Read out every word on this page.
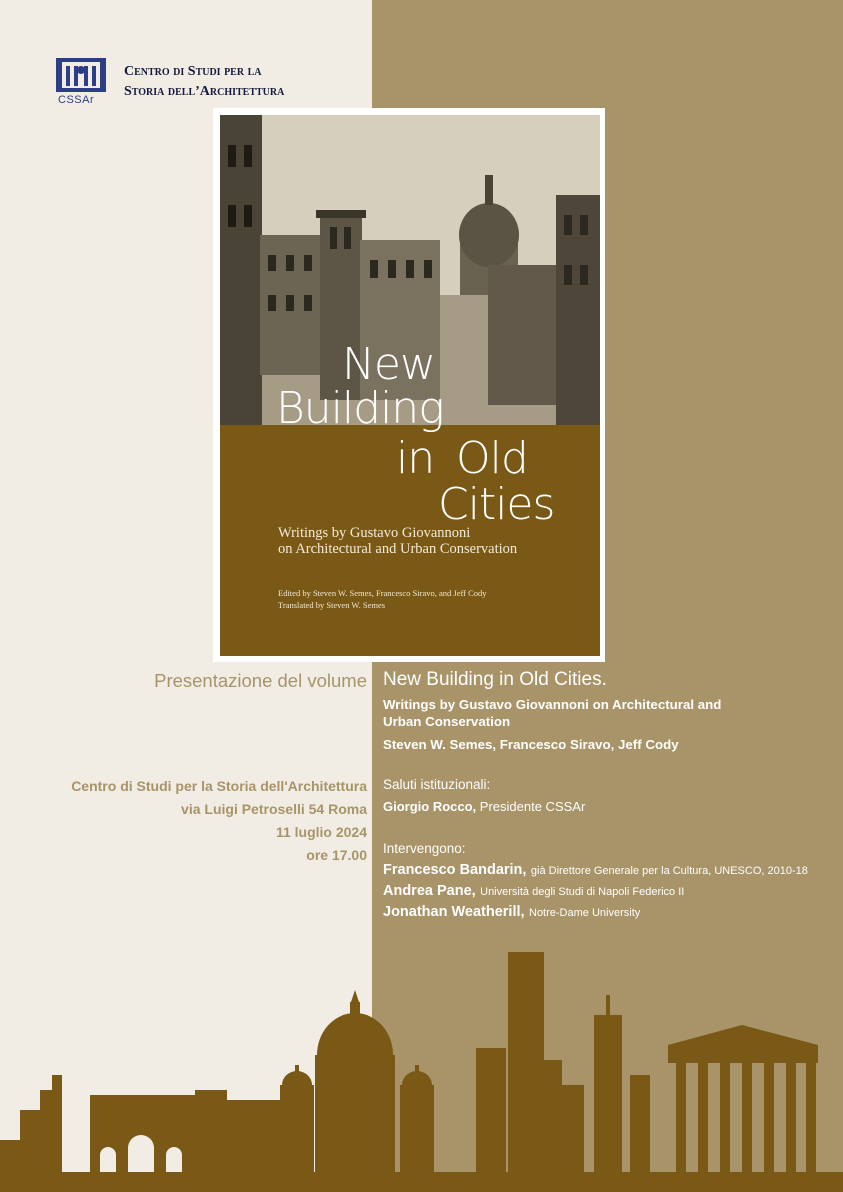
CSSAr
Centro di Studi per la
Storia dell’Architettura
New
Building
in Old
Cities
Writings by Gustavo Giovannoni
on Architectural and Urban Conservation
Edited by Steven W. Semes, Francesco Siravo, and Jeff Cody
Translated by Steven W. Semes
Presentazione del volume New Building in Old Cities.
Writings by Gustavo Giovannoni on Architectural and Urban Conservation
Steven W. Semes, Francesco Siravo, Jeff Cody
Centro di Studi per la Storia dell'Architettura
via Luigi Petroselli 54 Roma
11 luglio 2024
ore 17.00
Saluti istituzionali:
Giorgio Rocco, Presidente CSSAr
Intervengono:
Francesco Bandarin, già Direttore Generale per la Cultura, UNESCO, 2010-18
Andrea Pane, Università degli Studi di Napoli Federico II
Jonathan Weatherill, Notre-Dame University
